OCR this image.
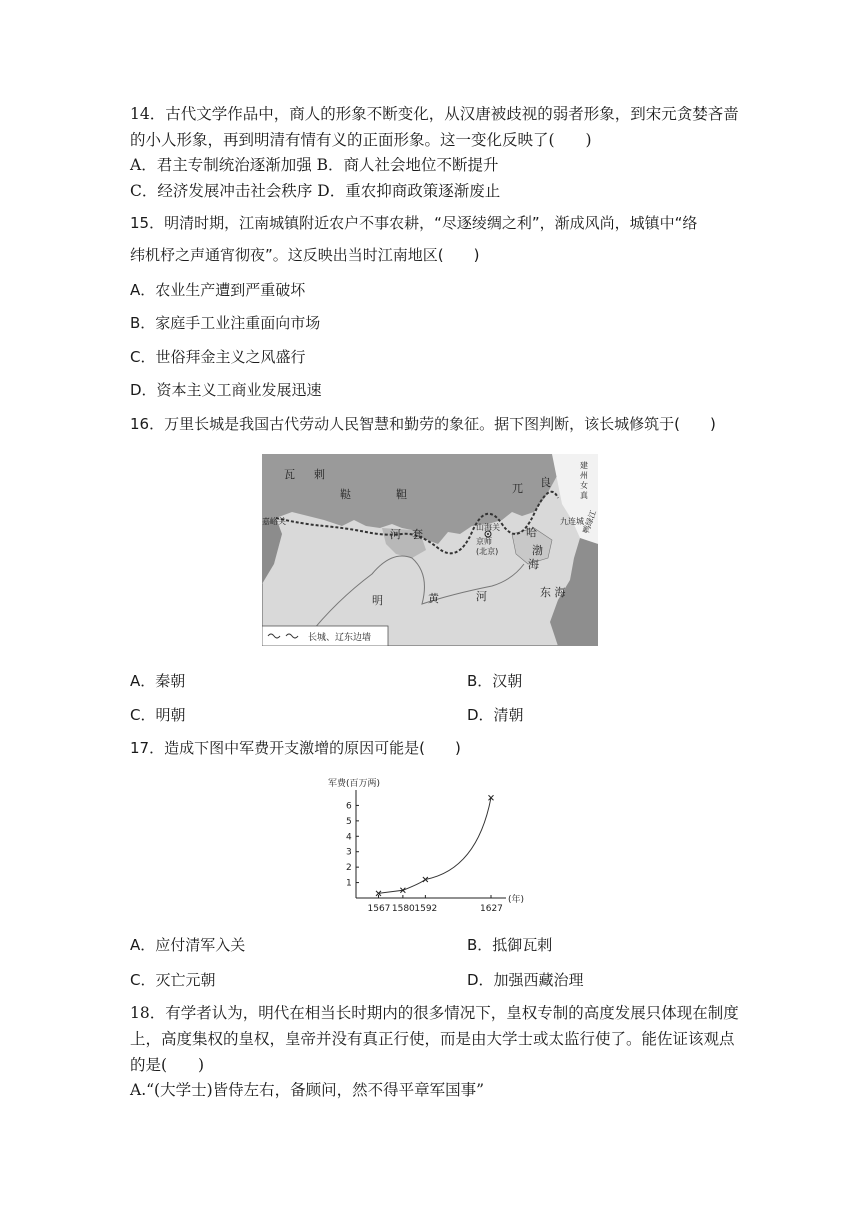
14．古代文学作品中，商人的形象不断变化，从汉唐被歧视的弱者形象，到宋元贪婪吝啬
的小人形象，再到明清有情有义的正面形象。这一变化反映了(　　)
A．君主专制统治逐渐加强 B．商人社会地位不断提升
C．经济发展冲击社会秩序 D．重农抑商政策逐渐废止
15．明清时期，江南城镇附近农户不事农耕，“尽逐绫绸之利”，渐成风尚，城镇中“络
纬机杼之声通宵彻夜”。这反映出当时江南地区(　　)
A．农业生产遭到严重破坏
B．家庭手工业注重面向市场
C．世俗拜金主义之风盛行
D．资本主义工商业发展迅速
16．万里长城是我国古代劳动人民智慧和勤劳的象征。据下图判断，该长城修筑于(　　)
瓦 剌
鞑	靼	兀 良
哈
河 套
渤
海
明	黄	河	东 海
嘉峪关
山海关
京师
(北京)
九连城
建
州
女
真
鸭绿江
长城、辽东边墙
A．秦朝	B．汉朝
C．明朝	D．清朝
17．造成下图中军费开支激增的原因可能是(　　)
军费(百万两)
(年)
1
2
3
4
5
6
1567 1580 1592	1627
A．应付清军入关	B．抵御瓦剌
C．灭亡元朝	D．加强西藏治理
18．有学者认为，明代在相当长时期内的很多情况下，皇权专制的高度发展只体现在制度
上，高度集权的皇权，皇帝并没有真正行使，而是由大学士或太监行使了。能佐证该观点
的是(　　)
A.“(大学士)皆侍左右，备顾问，然不得平章军国事”
